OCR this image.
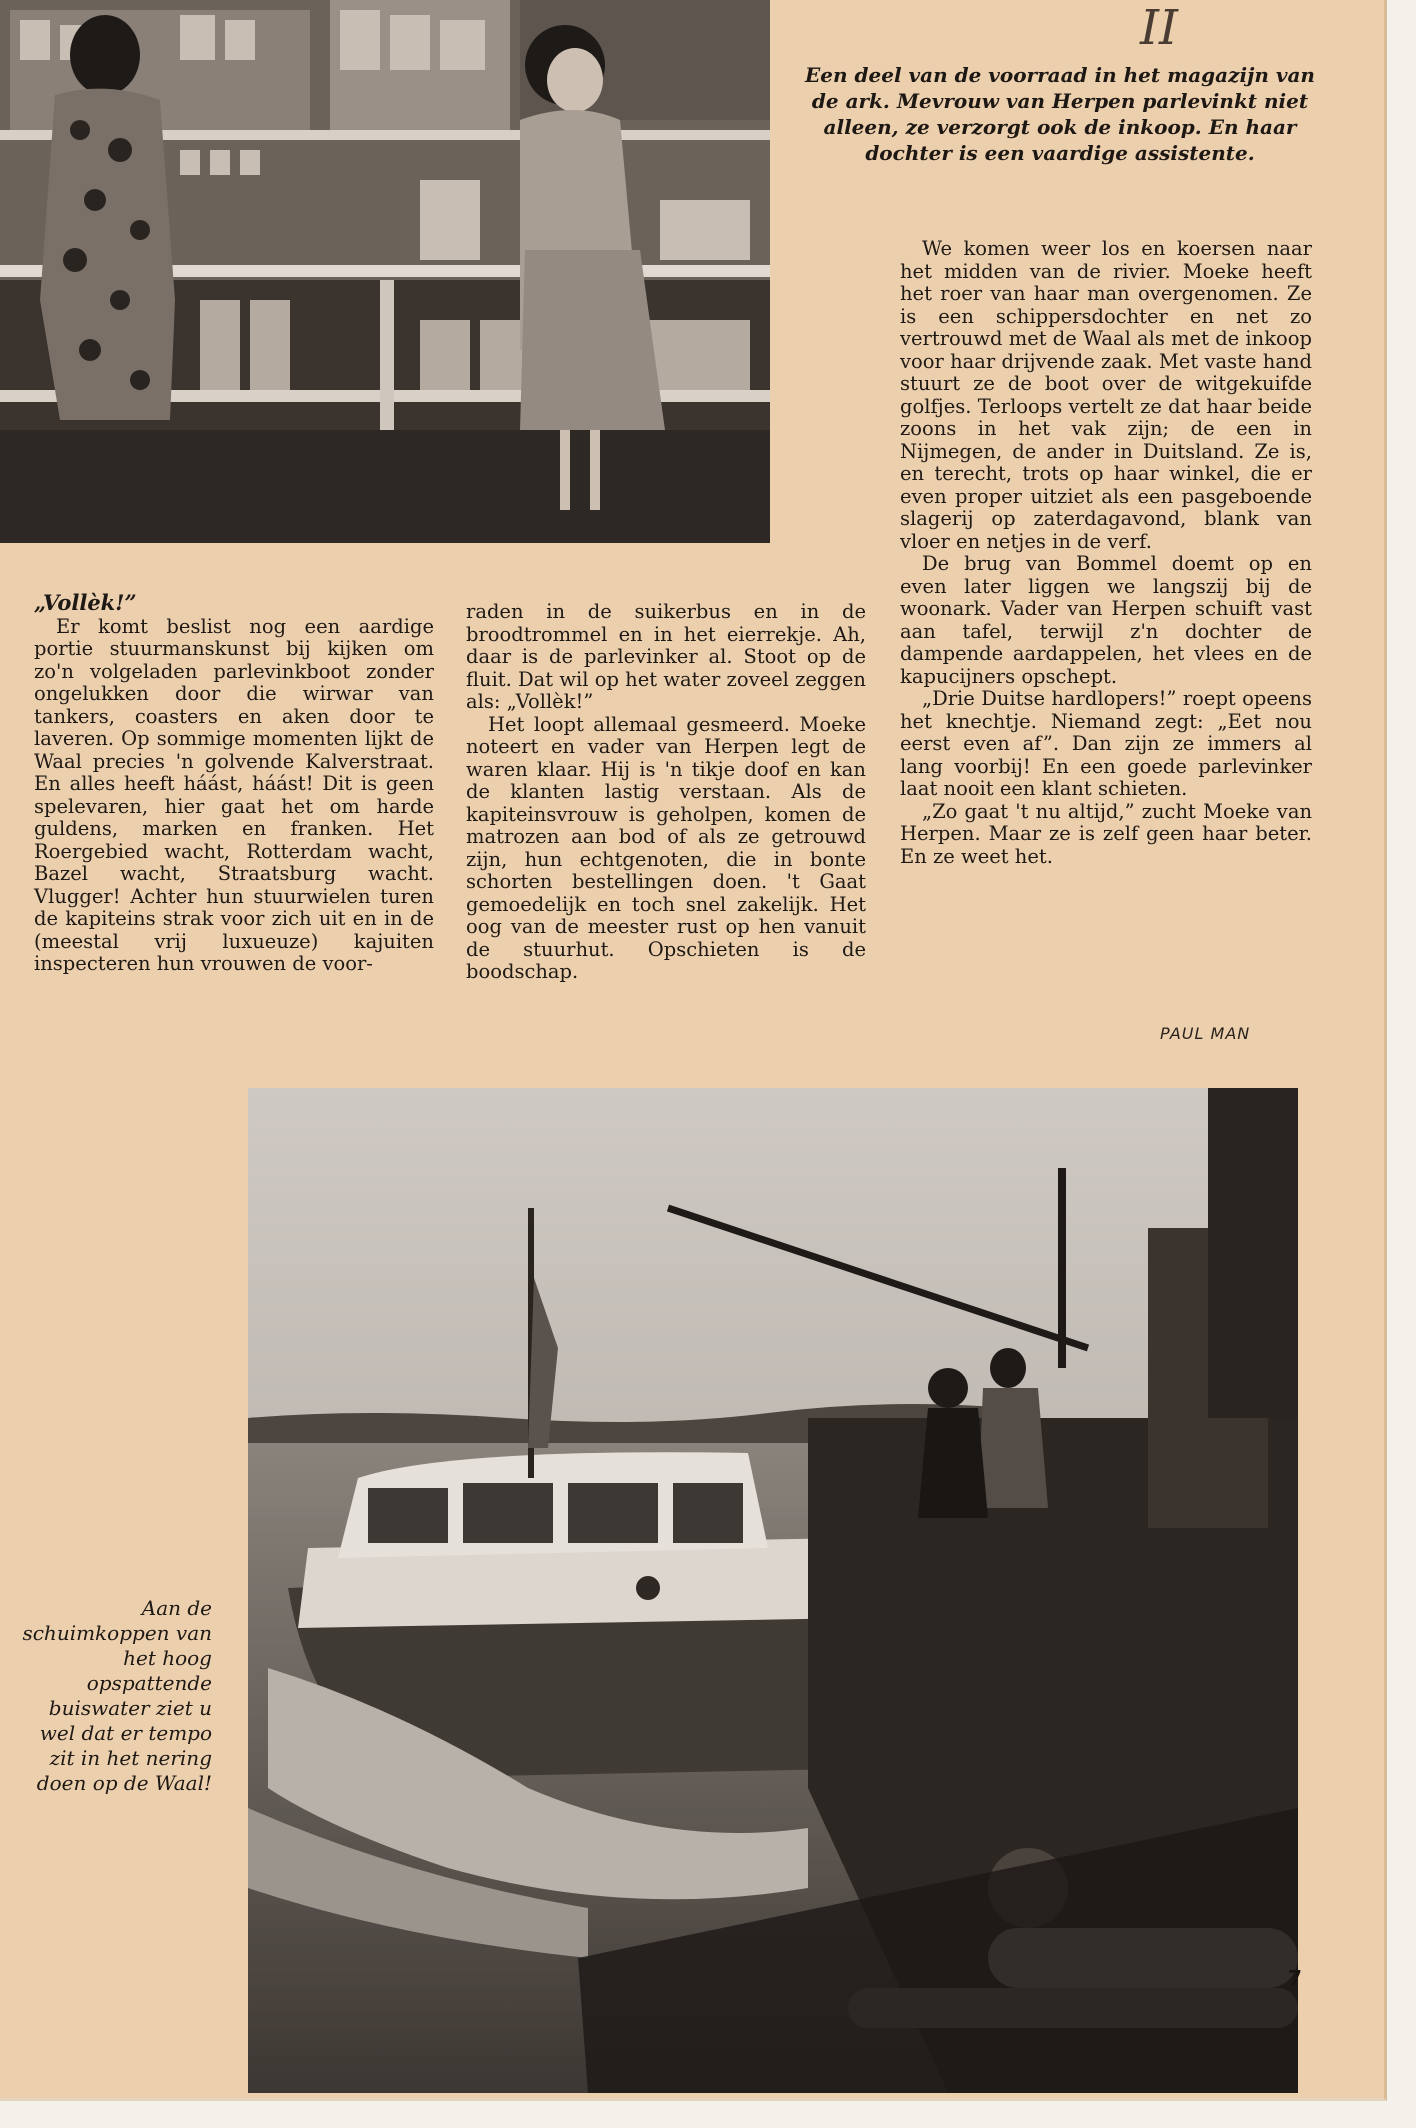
II
Een deel van de voorraad in het magazijn van de ark. Mevrouw van Herpen parlevinkt niet alleen, ze verzorgt ook de inkoop. En haar dochter is een vaardige assistente.
„Vollèk!”

Er komt beslist nog een aardige portie stuurmanskunst bij kijken om zo'n volgeladen parlevinkboot zonder ongelukken door die wirwar van tankers, coasters en aken door te laveren. Op sommige momenten lijkt de Waal precies 'n golvende Kalverstraat. En alles heeft háást, háást! Dit is geen spelevaren, hier gaat het om harde guldens, marken en franken. Het Roergebied wacht, Rotterdam wacht, Bazel wacht, Straatsburg wacht. Vlugger! Achter hun stuurwielen turen de kapiteins strak voor zich uit en in de (meestal vrij luxueuze) kajuiten inspecteren hun vrouwen de voor-

raden in de suikerbus en in de broodtrommel en in het eierrekje. Ah, daar is de parlevinker al. Stoot op de fluit. Dat wil op het water zoveel zeggen als: „Vollèk!”

Het loopt allemaal gesmeerd. Moeke noteert en vader van Herpen legt de waren klaar. Hij is 'n tikje doof en kan de klanten lastig verstaan. Als de kapiteinsvrouw is geholpen, komen de matrozen aan bod of als ze getrouwd zijn, hun echtgenoten, die in bonte schorten bestellingen doen. 't Gaat gemoedelijk en toch snel zakelijk. Het oog van de meester rust op hen vanuit de stuurhut. Opschieten is de boodschap.

We komen weer los en koersen naar het midden van de rivier. Moeke heeft het roer van haar man overgenomen. Ze is een schippersdochter en net zo vertrouwd met de Waal als met de inkoop voor haar drijvende zaak. Met vaste hand stuurt ze de boot over de witgekuifde golfjes. Terloops vertelt ze dat haar beide zoons in het vak zijn; de een in Nijmegen, de ander in Duitsland. Ze is, en terecht, trots op haar winkel, die er even proper uitziet als een pasgeboende slagerij op zaterdagavond, blank van vloer en netjes in de verf.

De brug van Bommel doemt op en even later liggen we langszij bij de woonark. Vader van Herpen schuift vast aan tafel, terwijl z'n dochter de dampende aardappelen, het vlees en de kapucijners opschept.

„Drie Duitse hardlopers!” roept opeens het knechtje. Niemand zegt: „Eet nou eerst even af”. Dan zijn ze immers al lang voorbij! En een goede parlevinker laat nooit een klant schieten.

„Zo gaat 't nu altijd,” zucht Moeke van Herpen. Maar ze is zelf geen haar beter. En ze weet het.

PAUL MAN
Aan de schuimkoppen van het hoog opspattende buiswater ziet u wel dat er tempo zit in het nering doen op de Waal!
7
